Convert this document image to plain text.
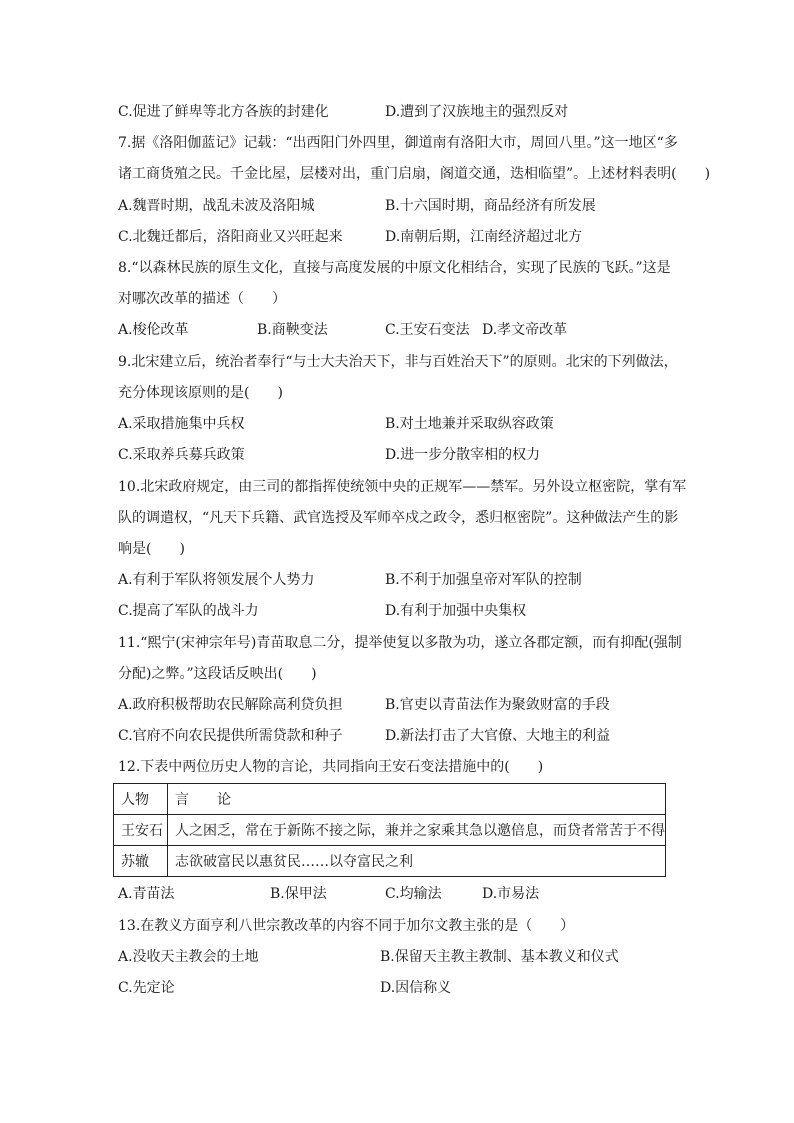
C.促进了鲜卑等北方各族的封建化	D.遭到了汉族地主的强烈反对
7.据《洛阳伽蓝记》记载：“出西阳门外四里，御道南有洛阳大市，周回八里。”这一地区“多
诸工商货殖之民。千金比屋，层楼对出，重门启扇，阁道交通，迭相临望”。上述材料表明(　　)
A.魏晋时期，战乱未波及洛阳城	B.十六国时期，商品经济有所发展
C.北魏迁都后，洛阳商业又兴旺起来	D.南朝后期，江南经济超过北方
8.“以森林民族的原生文化，直接与高度发展的中原文化相结合，实现了民族的飞跃。”这是
对哪次改革的描述（　　）
A.梭伦改革	B.商鞅变法	C.王安石变法 D.孝文帝改革
9.北宋建立后，统治者奉行“与士大夫治天下，非与百姓治天下”的原则。北宋的下列做法，
充分体现该原则的是(　　)
A.采取措施集中兵权	B.对土地兼并采取纵容政策
C.采取养兵募兵政策	D.进一步分散宰相的权力
10.北宋政府规定，由三司的都指挥使统领中央的正规军——禁军。另外设立枢密院，掌有军
队的调遣权，“凡天下兵籍、武官选授及军师卒戍之政令，悉归枢密院”。这种做法产生的影
响是(　　)
A.有利于军队将领发展个人势力	B.不利于加强皇帝对军队的控制
C.提高了军队的战斗力	D.有利于加强中央集权
11.“熙宁(宋神宗年号)青苗取息二分，提举使复以多散为功，遂立各郡定额，而有抑配(强制
分配)之弊。”这段话反映出(　　)
A.政府积极帮助农民解除高利贷负担	B.官吏以青苗法作为聚敛财富的手段
C.官府不向农民提供所需贷款和种子	D.新法打击了大官僚、大地主的利益
12.下表中两位历史人物的言论，共同指向王安石变法措施中的(　　)
人物	言　　论
王安石	人之困乏，常在于新陈不接之际，兼并之家乘其急以邀倍息，而贷者常苦于不得
苏辙	志欲破富民以惠贫民……以夺富民之利
A.青苗法	B.保甲法	C.均输法	D.市易法
13.在教义方面亨利八世宗教改革的内容不同于加尔文教主张的是（　　）
A.没收天主教会的土地	B.保留天主教主教制、基本教义和仪式
C.先定论	D.因信称义
